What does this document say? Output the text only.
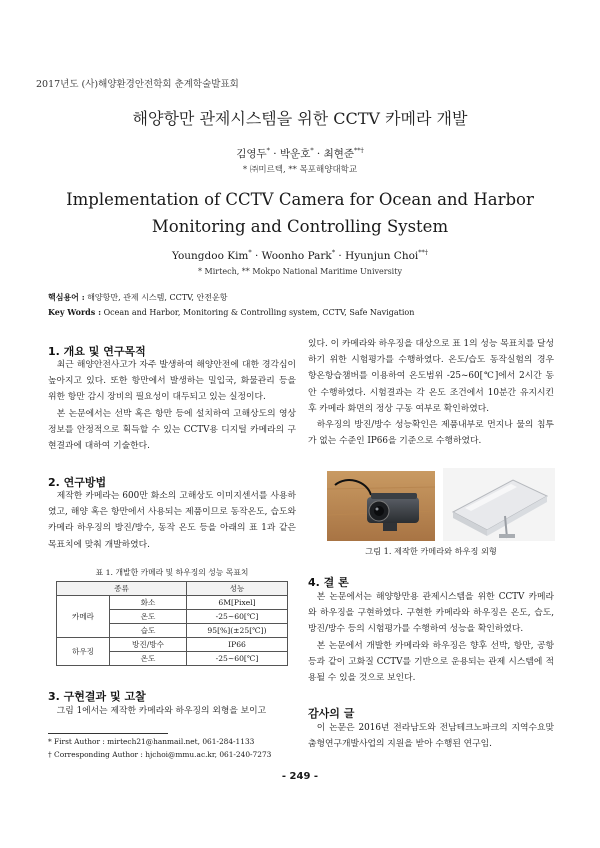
2017년도 (사)해양환경안전학회 춘계학술발표회
해양항만 관제시스템을 위한 CCTV 카메라 개발
김영두* · 박운호* · 최현준**†
* ㈜미르텍, ** 목포해양대학교
Implementation of CCTV Camera for Ocean and Harbor Monitoring and Controlling System
Youngdoo Kim* · Woonho Park* · Hyunjun Choi**†
* Mirtech, ** Mokpo National Maritime University
핵심용어 : 해양항만, 관제 시스템, CCTV, 안전운항
Key Words : Ocean and Harbor, Monitoring & Controlling system, CCTV, Safe Navigation
1. 개요 및 연구목적

최근 해양안전사고가 자주 발생하여 해양안전에 대한 경각심이 높아지고 있다. 또한 항만에서 발생하는 밀입국, 화물관리 등을 위한 항만 감시 장비의 필요성이 대두되고 있는 실정이다.

본 논문에서는 선박 혹은 항만 등에 설치하여 고해상도의 영상정보를 안정적으로 획득할 수 있는 CCTV용 디지털 카메라의 구현결과에 대하여 기술한다.

2. 연구방법

제작한 카메라는 600만 화소의 고해상도 이미지센서를 사용하였고, 해양 혹은 항만에서 사용되는 제품이므로 동작온도, 습도와 카메라 하우징의 방진/방수, 동작 온도 등을 아래의 표 1과 같은 목표치에 맞춰 개발하였다.

표 1. 개발한 카메라 및 하우징의 성능 목표치
종류		성능
카메라	화소	6M[Pixel]
	온도	-25~60[℃]
	습도	95[%](±25[℃])
하우징	방진/방수	IP66
	온도	-25~60[℃]
3. 구현결과 및 고찰

그림 1에서는 제작한 카메라와 하우징의 외형을 보이고

* First Author : mirtech21@hanmail.net, 061-284-1133
† Corresponding Author : hjchoi@mmu.ac.kr, 061-240-7273

있다. 이 카메라와 하우징을 대상으로 표 1의 성능 목표치를 달성하기 위한 시험평가를 수행하였다. 온도/습도 동작실험의 경우 항온항습챔버를 이용하여 온도범위 -25~60[℃]에서 2시간 동안 수행하였다. 시험결과는 각 온도 조건에서 10분간 유지시킨 후 카메라 화면의 정상 구동 여부로 확인하였다.

하우징의 방진/방수 성능확인은 제품내부로 먼지나 물의 침투가 없는 수준인 IP66을 기준으로 수행하였다.

그림 1. 제작한 카메라와 하우징 외형
4. 결 론

본 논문에서는 해양항만용 관제시스템을 위한 CCTV 카메라와 하우징을 구현하였다. 구현한 카메라와 하우징은 온도, 습도, 방진/방수 등의 시험평가를 수행하여 성능을 확인하였다.

본 논문에서 개발한 카메라와 하우징은 향후 선박, 항만, 공항 등과 같이 고화질 CCTV를 기반으로 운용되는 관제 시스템에 적용될 수 있을 것으로 보인다.

감사의 글

이 논문은 2016년 전라남도와 전남테크노파크의 지역수요맞춤형연구개발사업의 지원을 받아 수행된 연구임.

- 249 -
